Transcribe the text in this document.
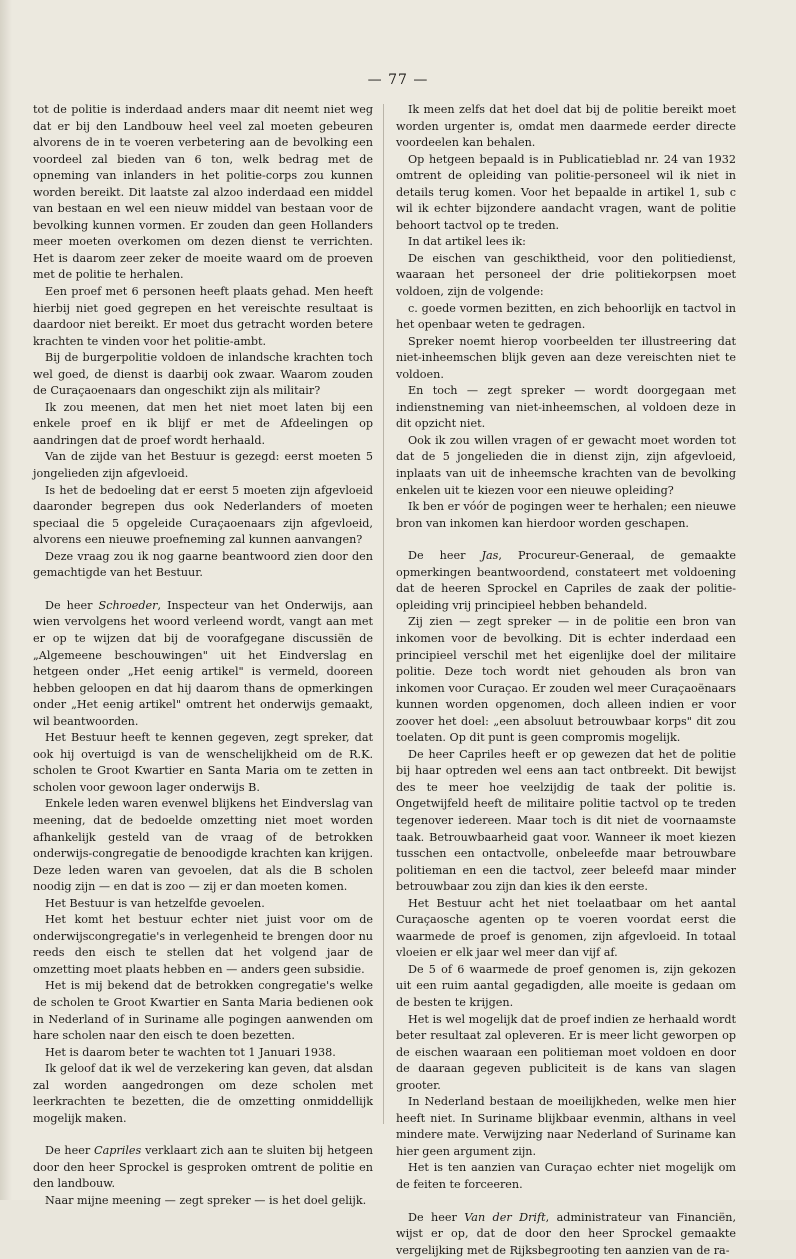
— 77 —

tot de politie is inderdaad anders maar dit neemt niet weg dat er bij den Landbouw heel veel zal moeten gebeuren alvorens de in te voeren verbetering aan de bevolking een voordeel zal bieden van 6 ton, welk bedrag met de opneming van inlanders in het politie-corps zou kunnen worden bereikt. Dit laatste zal alzoo inderdaad een middel van bestaan en wel een nieuw middel van bestaan voor de bevolking kunnen vormen. Er zouden dan geen Hollanders meer moeten overkomen om dezen dienst te verrichten. Het is daarom zeer zeker de moeite waard om de proeven met de politie te herhalen.

Een proef met 6 personen heeft plaats gehad. Men heeft hierbij niet goed gegrepen en het vereischte resultaat is daardoor niet bereikt. Er moet dus getracht worden betere krachten te vinden voor het politie-ambt.

Bij de burgerpolitie voldoen de inlandsche krachten toch wel goed, de dienst is daarbij ook zwaar. Waarom zouden de Curaçaoenaars dan ongeschikt zijn als militair?

Ik zou meenen, dat men het niet moet laten bij een enkele proef en ik blijf er met de Afdeelingen op aandringen dat de proef wordt herhaald.

Van de zijde van het Bestuur is gezegd: eerst moeten 5 jongelieden zijn afgevloeid.

Is het de bedoeling dat er eerst 5 moeten zijn afgevloeid daaronder begrepen dus ook Nederlanders of moeten speciaal die 5 opgeleide Curaçaoenaars zijn afgevloeid, alvorens een nieuwe proefneming zal kunnen aanvangen?

Deze vraag zou ik nog gaarne beantwoord zien door den gemachtigde van het Bestuur.

De heer Schroeder, Inspecteur van het Onderwijs, aan wien vervolgens het woord verleend wordt, vangt aan met er op te wijzen dat bij de voorafgegane discussiën de „Algemeene beschouwingen" uit het Eindverslag en hetgeen onder „Het eenig artikel" is vermeld, dooreen hebben geloopen en dat hij daarom thans de opmerkingen onder „Het eenig artikel" omtrent het onderwijs gemaakt, wil beantwoorden.

Het Bestuur heeft te kennen gegeven, zegt spreker, dat ook hij overtuigd is van de wenschelijkheid om de R.K. scholen te Groot Kwartier en Santa Maria om te zetten in scholen voor gewoon lager onderwijs B.

Enkele leden waren evenwel blijkens het Eindverslag van meening, dat de bedoelde omzetting niet moet worden afhankelijk gesteld van de vraag of de betrokken onderwijs-congregatie de benoodigde krachten kan krijgen. Deze leden waren van gevoelen, dat als die B scholen noodig zijn — en dat is zoo — zij er dan moeten komen.

Het Bestuur is van hetzelfde gevoelen.

Het komt het bestuur echter niet juist voor om de onderwijscongregatie's in verlegenheid te brengen door nu reeds den eisch te stellen dat het volgend jaar de omzetting moet plaats hebben en — anders geen subsidie.

Het is mij bekend dat de betrokken congregatie's welke de scholen te Groot Kwartier en Santa Maria bedienen ook in Nederland of in Suriname alle pogingen aanwenden om hare scholen naar den eisch te doen bezetten.

Het is daarom beter te wachten tot 1 Januari 1938.

Ik geloof dat ik wel de verzekering kan geven, dat alsdan zal worden aangedrongen om deze scholen met leerkrachten te bezetten, die de omzetting onmiddellijk mogelijk maken.

De heer Capriles verklaart zich aan te sluiten bij hetgeen door den heer Sprockel is gesproken omtrent de politie en den landbouw.

Naar mijne meening — zegt spreker — is het doel gelijk.

Ik meen zelfs dat het doel dat bij de politie bereikt moet worden urgenter is, omdat men daarmede eerder directe voordeelen kan behalen.

Op hetgeen bepaald is in Publicatieblad nr. 24 van 1932 omtrent de opleiding van politie-personeel wil ik niet in details terug komen. Voor het bepaalde in artikel 1, sub c wil ik echter bijzondere aandacht vragen, want de politie behoort tactvol op te treden.

In dat artikel lees ik:

De eischen van geschiktheid, voor den politiedienst, waaraan het personeel der drie politiekorpsen moet voldoen, zijn de volgende:

c. goede vormen bezitten, en zich behoorlijk en tactvol in het openbaar weten te gedragen.

Spreker noemt hierop voorbeelden ter illustreering dat niet-inheemschen blijk geven aan deze vereischten niet te voldoen.

En toch — zegt spreker — wordt doorgegaan met indienstneming van niet-inheemschen, al voldoen deze in dit opzicht niet.

Ook ik zou willen vragen of er gewacht moet worden tot dat de 5 jongelieden die in dienst zijn, zijn afgevloeid, inplaats van uit de inheemsche krachten van de bevolking enkelen uit te kiezen voor een nieuwe opleiding?

Ik ben er vóór de pogingen weer te herhalen; een nieuwe bron van inkomen kan hierdoor worden geschapen.

De heer Jas, Procureur-Generaal, de gemaakte opmerkingen beantwoordend, constateert met voldoening dat de heeren Sprockel en Capriles de zaak der politie-opleiding vrij principieel hebben behandeld.

Zij zien — zegt spreker — in de politie een bron van inkomen voor de bevolking. Dit is echter inderdaad een principieel verschil met het eigenlijke doel der militaire politie. Deze toch wordt niet gehouden als bron van inkomen voor Curaçao. Er zouden wel meer Curaçaoënaars kunnen worden opgenomen, doch alleen indien er voor zoover het doel: „een absoluut betrouwbaar korps" dit zou toelaten. Op dit punt is geen compromis mogelijk.

De heer Capriles heeft er op gewezen dat het de politie bij haar optreden wel eens aan tact ontbreekt. Dit bewijst des te meer hoe veelzijdig de taak der politie is. Ongetwijfeld heeft de militaire politie tactvol op te treden tegenover iedereen. Maar toch is dit niet de voornaamste taak. Betrouwbaarheid gaat voor. Wanneer ik moet kiezen tusschen een ontactvolle, onbeleefde maar betrouwbare politieman en een die tactvol, zeer beleefd maar minder betrouwbaar zou zijn dan kies ik den eerste.

Het Bestuur acht het niet toelaatbaar om het aantal Curaçaosche agenten op te voeren voordat eerst die waarmede de proef is genomen, zijn afgevloeid. In totaal vloeien er elk jaar wel meer dan vijf af.

De 5 of 6 waarmede de proef genomen is, zijn gekozen uit een ruim aantal gegadigden, alle moeite is gedaan om de besten te krijgen.

Het is wel mogelijk dat de proef indien ze herhaald wordt beter resultaat zal opleveren. Er is meer licht geworpen op de eischen waaraan een politieman moet voldoen en door de daaraan gegeven publiciteit is de kans van slagen grooter.

In Nederland bestaan de moeilijkheden, welke men hier heeft niet. In Suriname blijkbaar evenmin, althans in veel mindere mate. Verwijzing naar Nederland of Suriname kan hier geen argument zijn.

Het is ten aanzien van Curaçao echter niet mogelijk om de feiten te forceeren.

De heer Van der Drift, administrateur van Financiën, wijst er op, dat de door den heer Sprockel gemaakte vergelijking met de Rijksbegrooting ten aanzien van de ra-
